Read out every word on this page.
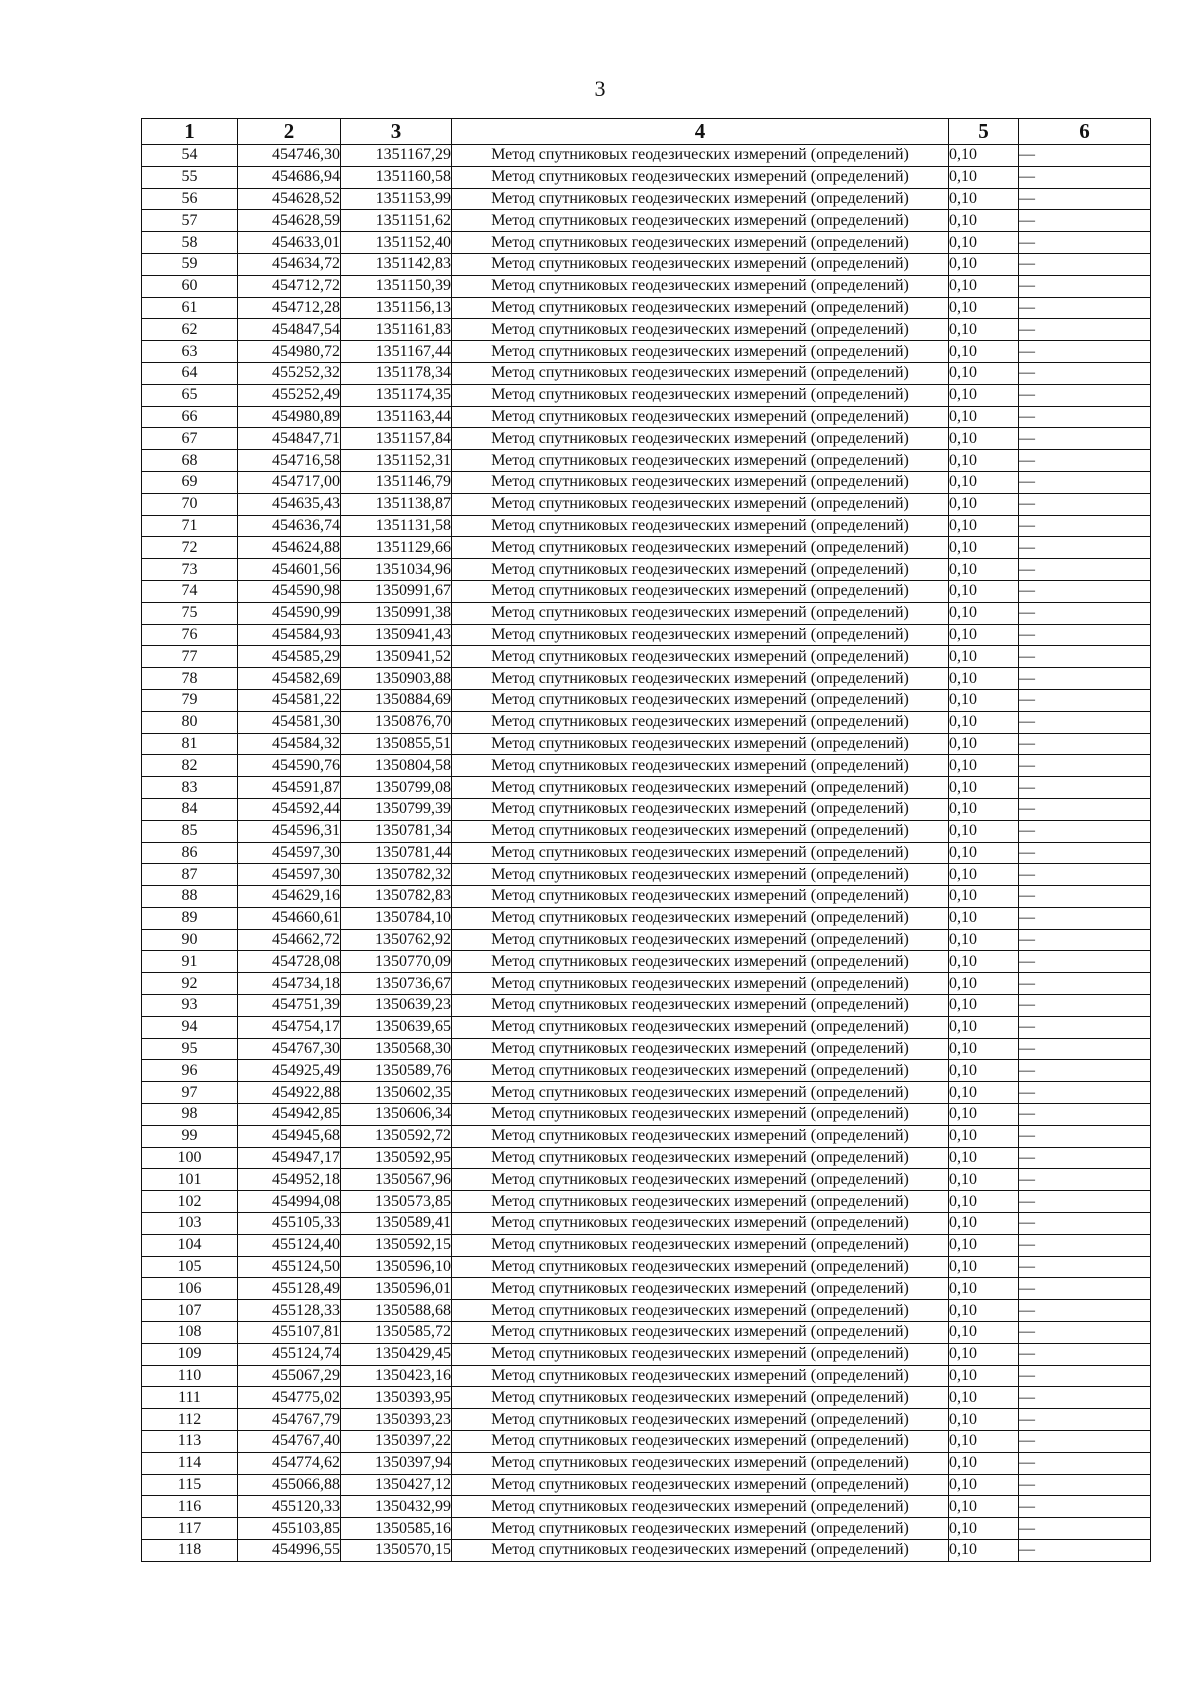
3
1	2	3	4	5	6
54	454746,30	1351167,29	Метод спутниковых геодезических измерений (определений)	0,10	—
55	454686,94	1351160,58	Метод спутниковых геодезических измерений (определений)	0,10	—
56	454628,52	1351153,99	Метод спутниковых геодезических измерений (определений)	0,10	—
57	454628,59	1351151,62	Метод спутниковых геодезических измерений (определений)	0,10	—
58	454633,01	1351152,40	Метод спутниковых геодезических измерений (определений)	0,10	—
59	454634,72	1351142,83	Метод спутниковых геодезических измерений (определений)	0,10	—
60	454712,72	1351150,39	Метод спутниковых геодезических измерений (определений)	0,10	—
61	454712,28	1351156,13	Метод спутниковых геодезических измерений (определений)	0,10	—
62	454847,54	1351161,83	Метод спутниковых геодезических измерений (определений)	0,10	—
63	454980,72	1351167,44	Метод спутниковых геодезических измерений (определений)	0,10	—
64	455252,32	1351178,34	Метод спутниковых геодезических измерений (определений)	0,10	—
65	455252,49	1351174,35	Метод спутниковых геодезических измерений (определений)	0,10	—
66	454980,89	1351163,44	Метод спутниковых геодезических измерений (определений)	0,10	—
67	454847,71	1351157,84	Метод спутниковых геодезических измерений (определений)	0,10	—
68	454716,58	1351152,31	Метод спутниковых геодезических измерений (определений)	0,10	—
69	454717,00	1351146,79	Метод спутниковых геодезических измерений (определений)	0,10	—
70	454635,43	1351138,87	Метод спутниковых геодезических измерений (определений)	0,10	—
71	454636,74	1351131,58	Метод спутниковых геодезических измерений (определений)	0,10	—
72	454624,88	1351129,66	Метод спутниковых геодезических измерений (определений)	0,10	—
73	454601,56	1351034,96	Метод спутниковых геодезических измерений (определений)	0,10	—
74	454590,98	1350991,67	Метод спутниковых геодезических измерений (определений)	0,10	—
75	454590,99	1350991,38	Метод спутниковых геодезических измерений (определений)	0,10	—
76	454584,93	1350941,43	Метод спутниковых геодезических измерений (определений)	0,10	—
77	454585,29	1350941,52	Метод спутниковых геодезических измерений (определений)	0,10	—
78	454582,69	1350903,88	Метод спутниковых геодезических измерений (определений)	0,10	—
79	454581,22	1350884,69	Метод спутниковых геодезических измерений (определений)	0,10	—
80	454581,30	1350876,70	Метод спутниковых геодезических измерений (определений)	0,10	—
81	454584,32	1350855,51	Метод спутниковых геодезических измерений (определений)	0,10	—
82	454590,76	1350804,58	Метод спутниковых геодезических измерений (определений)	0,10	—
83	454591,87	1350799,08	Метод спутниковых геодезических измерений (определений)	0,10	—
84	454592,44	1350799,39	Метод спутниковых геодезических измерений (определений)	0,10	—
85	454596,31	1350781,34	Метод спутниковых геодезических измерений (определений)	0,10	—
86	454597,30	1350781,44	Метод спутниковых геодезических измерений (определений)	0,10	—
87	454597,30	1350782,32	Метод спутниковых геодезических измерений (определений)	0,10	—
88	454629,16	1350782,83	Метод спутниковых геодезических измерений (определений)	0,10	—
89	454660,61	1350784,10	Метод спутниковых геодезических измерений (определений)	0,10	—
90	454662,72	1350762,92	Метод спутниковых геодезических измерений (определений)	0,10	—
91	454728,08	1350770,09	Метод спутниковых геодезических измерений (определений)	0,10	—
92	454734,18	1350736,67	Метод спутниковых геодезических измерений (определений)	0,10	—
93	454751,39	1350639,23	Метод спутниковых геодезических измерений (определений)	0,10	—
94	454754,17	1350639,65	Метод спутниковых геодезических измерений (определений)	0,10	—
95	454767,30	1350568,30	Метод спутниковых геодезических измерений (определений)	0,10	—
96	454925,49	1350589,76	Метод спутниковых геодезических измерений (определений)	0,10	—
97	454922,88	1350602,35	Метод спутниковых геодезических измерений (определений)	0,10	—
98	454942,85	1350606,34	Метод спутниковых геодезических измерений (определений)	0,10	—
99	454945,68	1350592,72	Метод спутниковых геодезических измерений (определений)	0,10	—
100	454947,17	1350592,95	Метод спутниковых геодезических измерений (определений)	0,10	—
101	454952,18	1350567,96	Метод спутниковых геодезических измерений (определений)	0,10	—
102	454994,08	1350573,85	Метод спутниковых геодезических измерений (определений)	0,10	—
103	455105,33	1350589,41	Метод спутниковых геодезических измерений (определений)	0,10	—
104	455124,40	1350592,15	Метод спутниковых геодезических измерений (определений)	0,10	—
105	455124,50	1350596,10	Метод спутниковых геодезических измерений (определений)	0,10	—
106	455128,49	1350596,01	Метод спутниковых геодезических измерений (определений)	0,10	—
107	455128,33	1350588,68	Метод спутниковых геодезических измерений (определений)	0,10	—
108	455107,81	1350585,72	Метод спутниковых геодезических измерений (определений)	0,10	—
109	455124,74	1350429,45	Метод спутниковых геодезических измерений (определений)	0,10	—
110	455067,29	1350423,16	Метод спутниковых геодезических измерений (определений)	0,10	—
111	454775,02	1350393,95	Метод спутниковых геодезических измерений (определений)	0,10	—
112	454767,79	1350393,23	Метод спутниковых геодезических измерений (определений)	0,10	—
113	454767,40	1350397,22	Метод спутниковых геодезических измерений (определений)	0,10	—
114	454774,62	1350397,94	Метод спутниковых геодезических измерений (определений)	0,10	—
115	455066,88	1350427,12	Метод спутниковых геодезических измерений (определений)	0,10	—
116	455120,33	1350432,99	Метод спутниковых геодезических измерений (определений)	0,10	—
117	455103,85	1350585,16	Метод спутниковых геодезических измерений (определений)	0,10	—
118	454996,55	1350570,15	Метод спутниковых геодезических измерений (определений)	0,10	—
